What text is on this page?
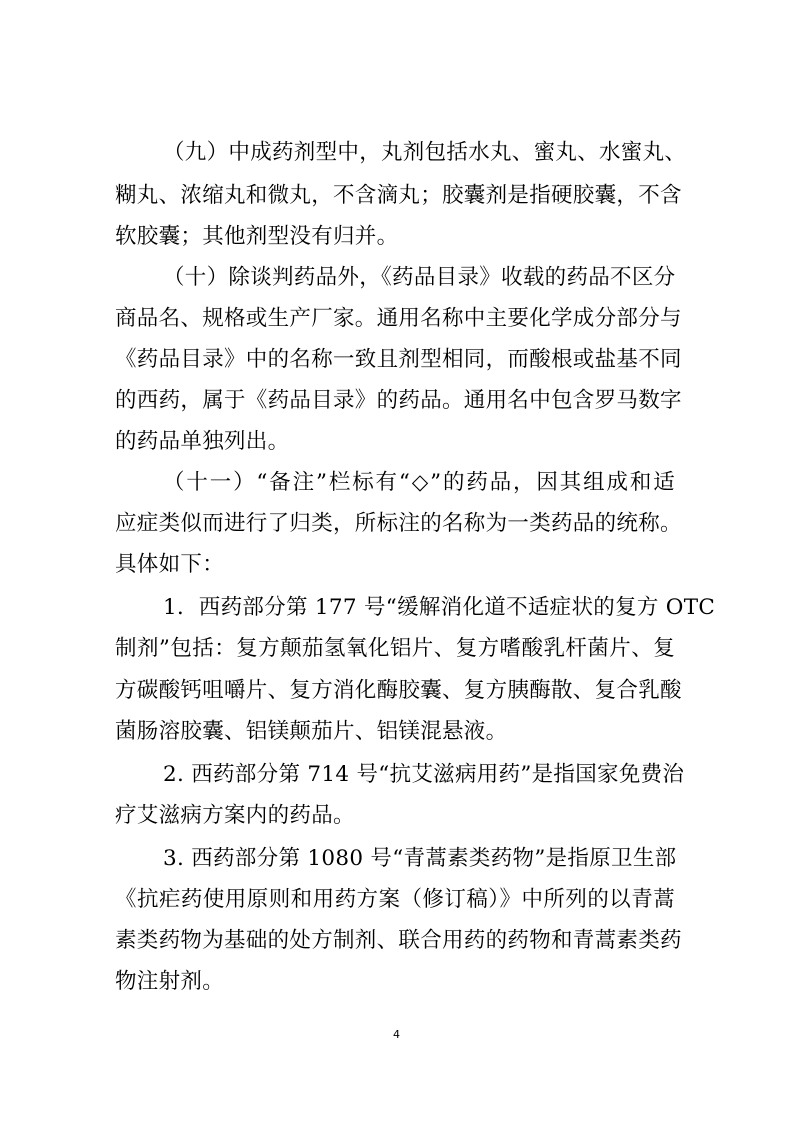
（九）中成药剂型中，丸剂包括水丸、蜜丸、水蜜丸、
糊丸、浓缩丸和微丸，不含滴丸；胶囊剂是指硬胶囊，不含
软胶囊；其他剂型没有归并。
（十）除谈判药品外，《药品目录》收载的药品不区分
商品名、规格或生产厂家。通用名称中主要化学成分部分与
《药品目录》中的名称一致且剂型相同，而酸根或盐基不同
的西药，属于《药品目录》的药品。通用名中包含罗马数字
的药品单独列出。
（十一）“备注”栏标有“◇”的药品，因其组成和适
应症类似而进行了归类，所标注的名称为一类药品的统称。
具体如下：
1．西药部分第 177 号“缓解消化道不适症状的复方 OTC
制剂”包括：复方颠茄氢氧化铝片、复方嗜酸乳杆菌片、复
方碳酸钙咀嚼片、复方消化酶胶囊、复方胰酶散、复合乳酸
菌肠溶胶囊、铝镁颠茄片、铝镁混悬液。
2. 西药部分第 714 号“抗艾滋病用药”是指国家免费治
疗艾滋病方案内的药品。
3. 西药部分第 1080 号“青蒿素类药物”是指原卫生部
《抗疟药使用原则和用药方案（修订稿）》中所列的以青蒿
素类药物为基础的处方制剂、联合用药的药物和青蒿素类药
物注射剂。
4
